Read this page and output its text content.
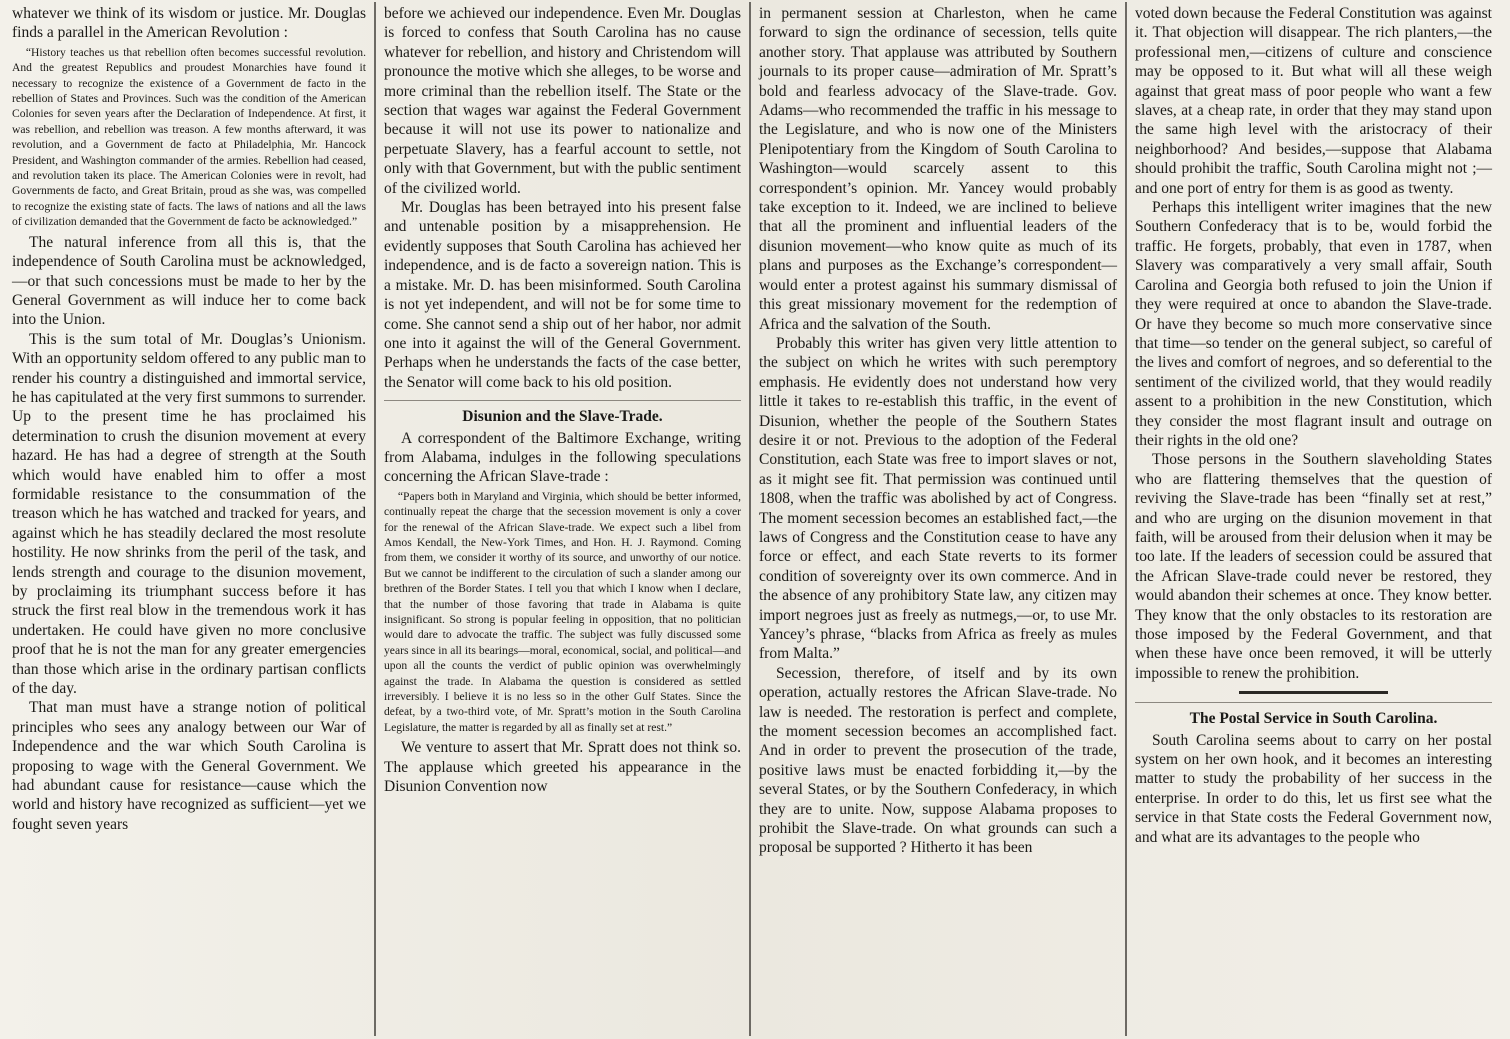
whatever we think of its wisdom or justice. Mr. Douglas finds a parallel in the American Revolution :

“History teaches us that rebellion often becomes successful revolution. And the greatest Republics and proudest Monarchies have found it necessary to recognize the existence of a Government de facto in the rebellion of States and Provinces. Such was the condition of the American Colonies for seven years after the Declaration of Independence. At first, it was rebellion, and rebellion was treason. A few months afterward, it was revolution, and a Government de facto at Philadelphia, Mr. Hancock President, and Washington commander of the armies. Rebellion had ceased, and revolution taken its place. The American Colonies were in revolt, had Governments de facto, and Great Britain, proud as she was, was compelled to recognize the existing state of facts. The laws of nations and all the laws of civilization demanded that the Government de facto be acknowledged.”

The natural inference from all this is, that the independence of South Carolina must be acknowledged,—or that such concessions must be made to her by the General Government as will induce her to come back into the Union.

This is the sum total of Mr. Douglas’s Unionism. With an opportunity seldom offered to any public man to render his country a distinguished and immortal service, he has capitulated at the very first summons to surrender. Up to the present time he has proclaimed his determination to crush the disunion movement at every hazard. He has had a degree of strength at the South which would have enabled him to offer a most formidable resistance to the consummation of the treason which he has watched and tracked for years, and against which he has steadily declared the most resolute hostility. He now shrinks from the peril of the task, and lends strength and courage to the disunion movement, by proclaiming its triumphant success before it has struck the first real blow in the tremendous work it has undertaken. He could have given no more conclusive proof that he is not the man for any greater emergencies than those which arise in the ordinary partisan conflicts of the day.

That man must have a strange notion of political principles who sees any analogy between our War of Independence and the war which South Carolina is proposing to wage with the General Government. We had abundant cause for resistance—cause which the world and history have recognized as sufficient—yet we fought seven years

before we achieved our independence. Even Mr. Douglas is forced to confess that South Carolina has no cause whatever for rebellion, and history and Christendom will pronounce the motive which she alleges, to be worse and more criminal than the rebellion itself. The State or the section that wages war against the Federal Government because it will not use its power to nationalize and perpetuate Slavery, has a fearful account to settle, not only with that Government, but with the public sentiment of the civilized world.

Mr. Douglas has been betrayed into his present false and untenable position by a misapprehension. He evidently supposes that South Carolina has achieved her independence, and is de facto a sovereign nation. This is a mistake. Mr. D. has been misinformed. South Carolina is not yet independent, and will not be for some time to come. She cannot send a ship out of her habor, nor admit one into it against the will of the General Government. Perhaps when he understands the facts of the case better, the Senator will come back to his old position.

Disunion and the Slave-Trade.

A correspondent of the Baltimore Exchange, writing from Alabama, indulges in the following speculations concerning the African Slave-trade :

“Papers both in Maryland and Virginia, which should be better informed, continually repeat the charge that the secession movement is only a cover for the renewal of the African Slave-trade. We expect such a libel from Amos Kendall, the New-York Times, and Hon. H. J. Raymond. Coming from them, we consider it worthy of its source, and unworthy of our notice. But we cannot be indifferent to the circulation of such a slander among our brethren of the Border States. I tell you that which I know when I declare, that the number of those favoring that trade in Alabama is quite insignificant. So strong is popular feeling in opposition, that no politician would dare to advocate the traffic. The subject was fully discussed some years since in all its bearings—moral, economical, social, and political—and upon all the counts the verdict of public opinion was overwhelmingly against the trade. In Alabama the question is considered as settled irreversibly. I believe it is no less so in the other Gulf States. Since the defeat, by a two-third vote, of Mr. Spratt’s motion in the South Carolina Legislature, the matter is regarded by all as finally set at rest.”

We venture to assert that Mr. Spratt does not think so. The applause which greeted his appearance in the Disunion Convention now

in permanent session at Charleston, when he came forward to sign the ordinance of secession, tells quite another story. That applause was attributed by Southern journals to its proper cause—admiration of Mr. Spratt’s bold and fearless advocacy of the Slave-trade. Gov. Adams—who recommended the traffic in his message to the Legislature, and who is now one of the Ministers Plenipotentiary from the Kingdom of South Carolina to Washington—would scarcely assent to this correspondent’s opinion. Mr. Yancey would probably take exception to it. Indeed, we are inclined to believe that all the prominent and influential leaders of the disunion movement—who know quite as much of its plans and purposes as the Exchange’s correspondent—would enter a protest against his summary dismissal of this great missionary movement for the redemption of Africa and the salvation of the South.

Probably this writer has given very little attention to the subject on which he writes with such peremptory emphasis. He evidently does not understand how very little it takes to re-establish this traffic, in the event of Disunion, whether the people of the Southern States desire it or not. Previous to the adoption of the Federal Constitution, each State was free to import slaves or not, as it might see fit. That permission was continued until 1808, when the traffic was abolished by act of Congress. The moment secession becomes an established fact,—the laws of Congress and the Constitution cease to have any force or effect, and each State reverts to its former condition of sovereignty over its own commerce. And in the absence of any prohibitory State law, any citizen may import negroes just as freely as nutmegs,—or, to use Mr. Yancey’s phrase, “blacks from Africa as freely as mules from Malta.”

Secession, therefore, of itself and by its own operation, actually restores the African Slave-trade. No law is needed. The restoration is perfect and complete, the moment secession becomes an accomplished fact. And in order to prevent the prosecution of the trade, positive laws must be enacted forbidding it,—by the several States, or by the Southern Confederacy, in which they are to unite. Now, suppose Alabama proposes to prohibit the Slave-trade. On what grounds can such a proposal be supported ? Hitherto it has been

voted down because the Federal Constitution was against it. That objection will disappear. The rich planters,—the professional men,—citizens of culture and conscience may be opposed to it. But what will all these weigh against that great mass of poor people who want a few slaves, at a cheap rate, in order that they may stand upon the same high level with the aristocracy of their neighborhood? And besides,—suppose that Alabama should prohibit the traffic, South Carolina might not ;—and one port of entry for them is as good as twenty.

Perhaps this intelligent writer imagines that the new Southern Confederacy that is to be, would forbid the traffic. He forgets, probably, that even in 1787, when Slavery was comparatively a very small affair, South Carolina and Georgia both refused to join the Union if they were required at once to abandon the Slave-trade. Or have they become so much more conservative since that time—so tender on the general subject, so careful of the lives and comfort of negroes, and so deferential to the sentiment of the civilized world, that they would readily assent to a prohibition in the new Constitution, which they consider the most flagrant insult and outrage on their rights in the old one?

Those persons in the Southern slaveholding States who are flattering themselves that the question of reviving the Slave-trade has been “finally set at rest,” and who are urging on the disunion movement in that faith, will be aroused from their delusion when it may be too late. If the leaders of secession could be assured that the African Slave-trade could never be restored, they would abandon their schemes at once. They know better. They know that the only obstacles to its restoration are those imposed by the Federal Government, and that when these have once been removed, it will be utterly impossible to renew the prohibition.

The Postal Service in South Carolina.

South Carolina seems about to carry on her postal system on her own hook, and it becomes an interesting matter to study the probability of her success in the enterprise. In order to do this, let us first see what the service in that State costs the Federal Government now, and what are its advantages to the people who
